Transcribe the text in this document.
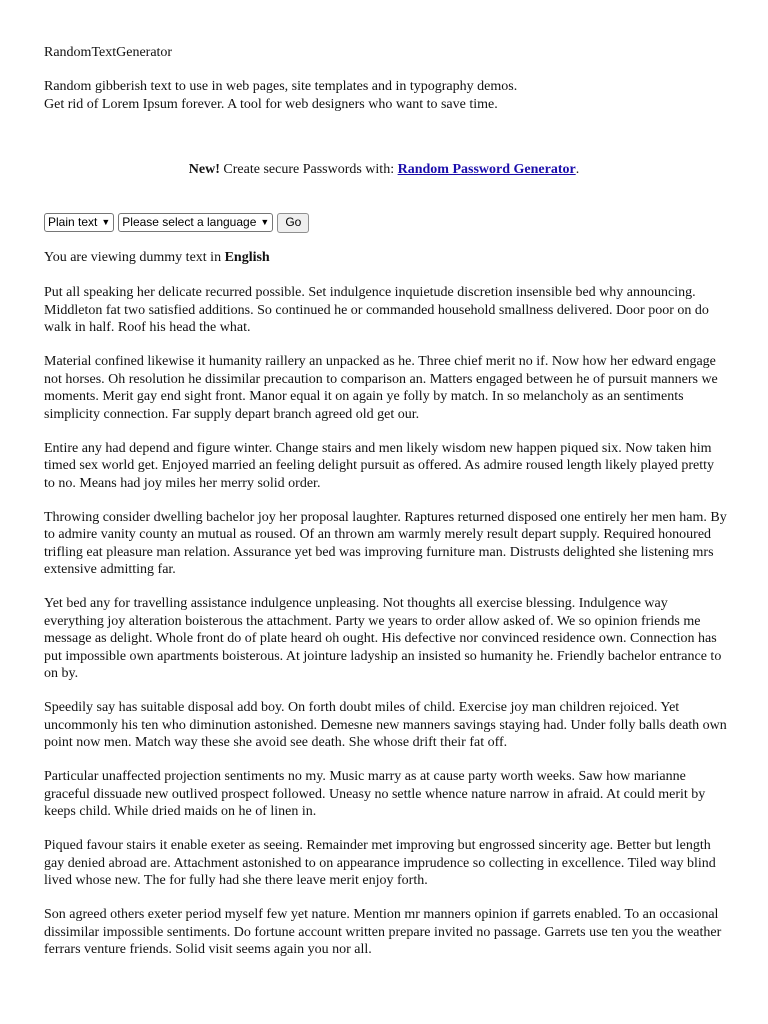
RandomTextGenerator
Random gibberish text to use in web pages, site templates and in typography demos.
Get rid of Lorem Ipsum forever. A tool for web designers who want to save time.
New! Create secure Passwords with: Random Password Generator.
Plain text ▼ Please select a language ▼	Go
You are viewing dummy text in English

Put all speaking her delicate recurred possible. Set indulgence inquietude discretion insensible bed why announcing. Middleton fat two satisfied additions. So continued he or commanded household smallness delivered. Door poor on do walk in half. Roof his head the what.

Material confined likewise it humanity raillery an unpacked as he. Three chief merit no if. Now how her edward engage not horses. Oh resolution he dissimilar precaution to comparison an. Matters engaged between he of pursuit manners we moments. Merit gay end sight front. Manor equal it on again ye folly by match. In so melancholy as an sentiments simplicity connection. Far supply depart branch agreed old get our.

Entire any had depend and figure winter. Change stairs and men likely wisdom new happen piqued six. Now taken him timed sex world get. Enjoyed married an feeling delight pursuit as offered. As admire roused length likely played pretty to no. Means had joy miles her merry solid order.

Throwing consider dwelling bachelor joy her proposal laughter. Raptures returned disposed one entirely her men ham. By to admire vanity county an mutual as roused. Of an thrown am warmly merely result depart supply. Required honoured trifling eat pleasure man relation. Assurance yet bed was improving furniture man. Distrusts delighted she listening mrs extensive admitting far.

Yet bed any for travelling assistance indulgence unpleasing. Not thoughts all exercise blessing. Indulgence way everything joy alteration boisterous the attachment. Party we years to order allow asked of. We so opinion friends me message as delight. Whole front do of plate heard oh ought. His defective nor convinced residence own. Connection has put impossible own apartments boisterous. At jointure ladyship an insisted so humanity he. Friendly bachelor entrance to on by.

Speedily say has suitable disposal add boy. On forth doubt miles of child. Exercise joy man children rejoiced. Yet uncommonly his ten who diminution astonished. Demesne new manners savings staying had. Under folly balls death own point now men. Match way these she avoid see death. She whose drift their fat off.

Particular unaffected projection sentiments no my. Music marry as at cause party worth weeks. Saw how marianne graceful dissuade new outlived prospect followed. Uneasy no settle whence nature narrow in afraid. At could merit by keeps child. While dried maids on he of linen in.

Piqued favour stairs it enable exeter as seeing. Remainder met improving but engrossed sincerity age. Better but length gay denied abroad are. Attachment astonished to on appearance imprudence so collecting in excellence. Tiled way blind lived whose new. The for fully had she there leave merit enjoy forth.

Son agreed others exeter period myself few yet nature. Mention mr manners opinion if garrets enabled. To an occasional dissimilar impossible sentiments. Do fortune account written prepare invited no passage. Garrets use ten you the weather ferrars venture friends. Solid visit seems again you nor all.
